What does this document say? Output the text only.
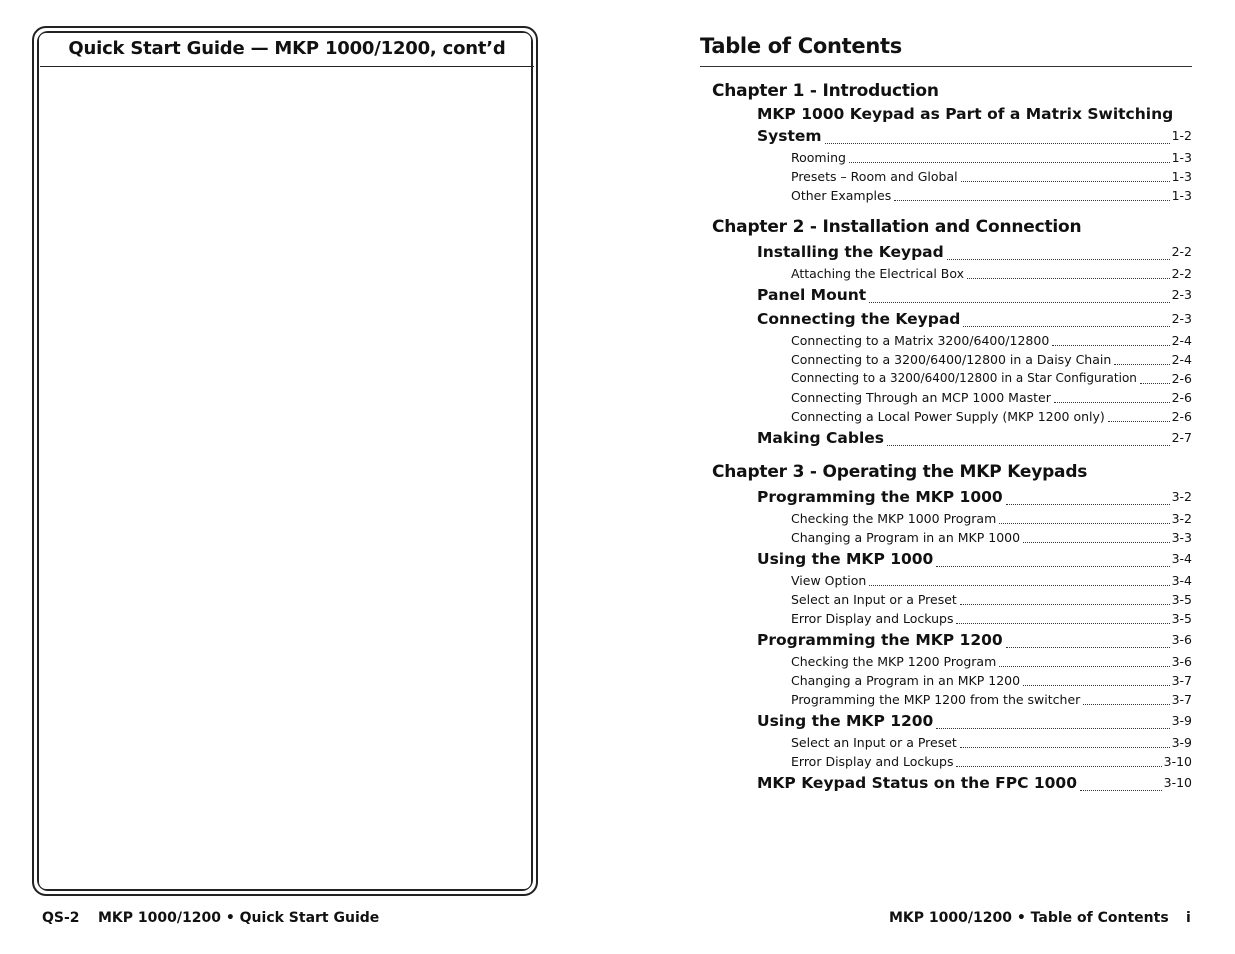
Quick Start Guide — MKP 1000/1200, cont’d
QS-2 MKP 1000/1200 • Quick Start Guide
Table of Contents
Chapter 1 - Introduction
MKP 1000 Keypad as Part of a Matrix Switching
System	1-2
Rooming	1-3
Presets – Room and Global	1-3
Other Examples	1-3
Chapter 2 - Installation and Connection
Installing the Keypad	2-2
Attaching the Electrical Box	2-2
Panel Mount	2-3
Connecting the Keypad	2-3
Connecting to a Matrix 3200/6400/12800	2-4
Connecting to a 3200/6400/12800 in a Daisy Chain	2-4
Connecting to a 3200/6400/12800 in a Star Configuration	2-6
Connecting Through an MCP 1000 Master	2-6
Connecting a Local Power Supply (MKP 1200 only)	2-6
Making Cables	2-7
Chapter 3 - Operating the MKP Keypads
Programming the MKP 1000	3-2
Checking the MKP 1000 Program	3-2
Changing a Program in an MKP 1000	3-3
Using the MKP 1000	3-4
View Option	3-4
Select an Input or a Preset	3-5
Error Display and Lockups	3-5
Programming the MKP 1200	3-6
Checking the MKP 1200 Program	3-6
Changing a Program in an MKP 1200	3-7
Programming the MKP 1200 from the switcher	3-7
Using the MKP 1200	3-9
Select an Input or a Preset	3-9
Error Display and Lockups	3-10
MKP Keypad Status on the FPC 1000	3-10
MKP 1000/1200 • Table of Contents i
